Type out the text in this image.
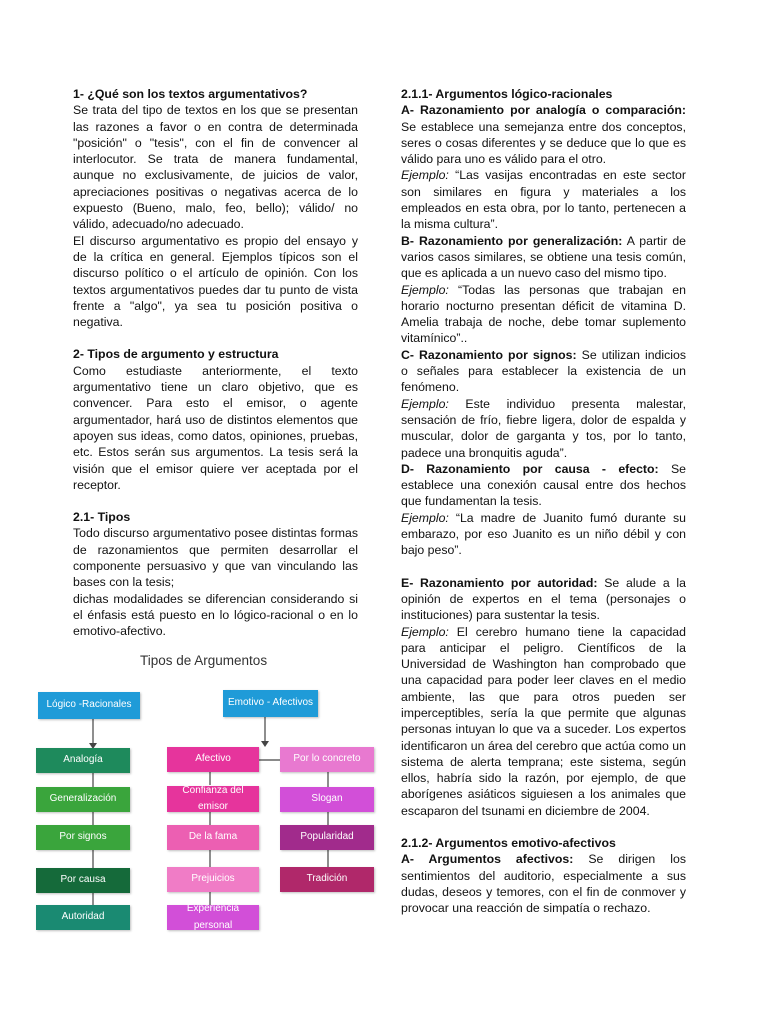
1- ¿Qué son los textos argumentativos?

Se trata del tipo de textos en los que se presentan las razones a favor o en contra de determinada "posición" o "tesis", con el fin de convencer al interlocutor. Se trata de manera fundamental, aunque no exclusivamente, de juicios de valor, apreciaciones positivas o negativas acerca de lo expuesto (Bueno, malo, feo, bello); válido/ no válido, adecuado/no adecuado.

El discurso argumentativo es propio del ensayo y de la crítica en general. Ejemplos típicos son el discurso político o el artículo de opinión. Con los textos argumentativos puedes dar tu punto de vista frente a "algo", ya sea tu posición positiva o negativa.

2- Tipos de argumento y estructura

Como estudiaste anteriormente, el texto argumentativo tiene un claro objetivo, que es convencer. Para esto el emisor, o agente argumentador, hará uso de distintos elementos que apoyen sus ideas, como datos, opiniones, pruebas, etc. Estos serán sus argumentos. La tesis será la visión que el emisor quiere ver aceptada por el receptor.

2.1- Tipos

Todo discurso argumentativo posee distintas formas de razonamientos que permiten desarrollar el componente persuasivo y que van vinculando las bases con la tesis;

dichas modalidades se diferencian considerando si el énfasis está puesto en lo lógico-racional o en lo emotivo-afectivo.

Tipos de Argumentos
Lógico -Racionales	Emotivo - Afectivos
Analogía
Generalización
Por signos
Por causa
Autoridad
Afectivo
Confianza del emisor
De la fama
Prejuicios
Experiencia personal
Por lo concreto
Slogan
Popularidad
Tradición

2.1.1- Argumentos lógico-racionales

A- Razonamiento por analogía o comparación: Se establece una semejanza entre dos conceptos, seres o cosas diferentes y se deduce que lo que es válido para uno es válido para el otro.

Ejemplo: “Las vasijas encontradas en este sector son similares en figura y materiales a los empleados en esta obra, por lo tanto, pertenecen a la misma cultura”.

B- Razonamiento por generalización: A partir de varios casos similares, se obtiene una tesis común, que es aplicada a un nuevo caso del mismo tipo.

Ejemplo: “Todas las personas que trabajan en horario nocturno presentan déficit de vitamina D. Amelia trabaja de noche, debe tomar suplemento vitamínico”..

C- Razonamiento por signos: Se utilizan indicios o señales para establecer la existencia de un fenómeno.

Ejemplo: Este individuo presenta malestar, sensación de frío, fiebre ligera, dolor de espalda y muscular, dolor de garganta y tos, por lo tanto, padece una bronquitis aguda”.

D- Razonamiento por causa - efecto: Se establece una conexión causal entre dos hechos que fundamentan la tesis.

Ejemplo: “La madre de Juanito fumó durante su embarazo, por eso Juanito es un niño débil y con bajo peso”.

E- Razonamiento por autoridad: Se alude a la opinión de expertos en el tema (personajes o instituciones) para sustentar la tesis.

Ejemplo: El cerebro humano tiene la capacidad para anticipar el peligro. Científicos de la Universidad de Washington han comprobado que una capacidad para poder leer claves en el medio ambiente, las que para otros pueden ser imperceptibles, sería la que permite que algunas personas intuyan lo que va a suceder. Los expertos identificaron un área del cerebro que actúa como un sistema de alerta temprana; este sistema, según ellos, habría sido la razón, por ejemplo, de que aborígenes asiáticos siguiesen a los animales que escaparon del tsunami en diciembre de 2004.

2.1.2- Argumentos emotivo-afectivos

A- Argumentos afectivos: Se dirigen los sentimientos del auditorio, especialmente a sus dudas, deseos y temores, con el fin de conmover y provocar una reacción de simpatía o rechazo.
